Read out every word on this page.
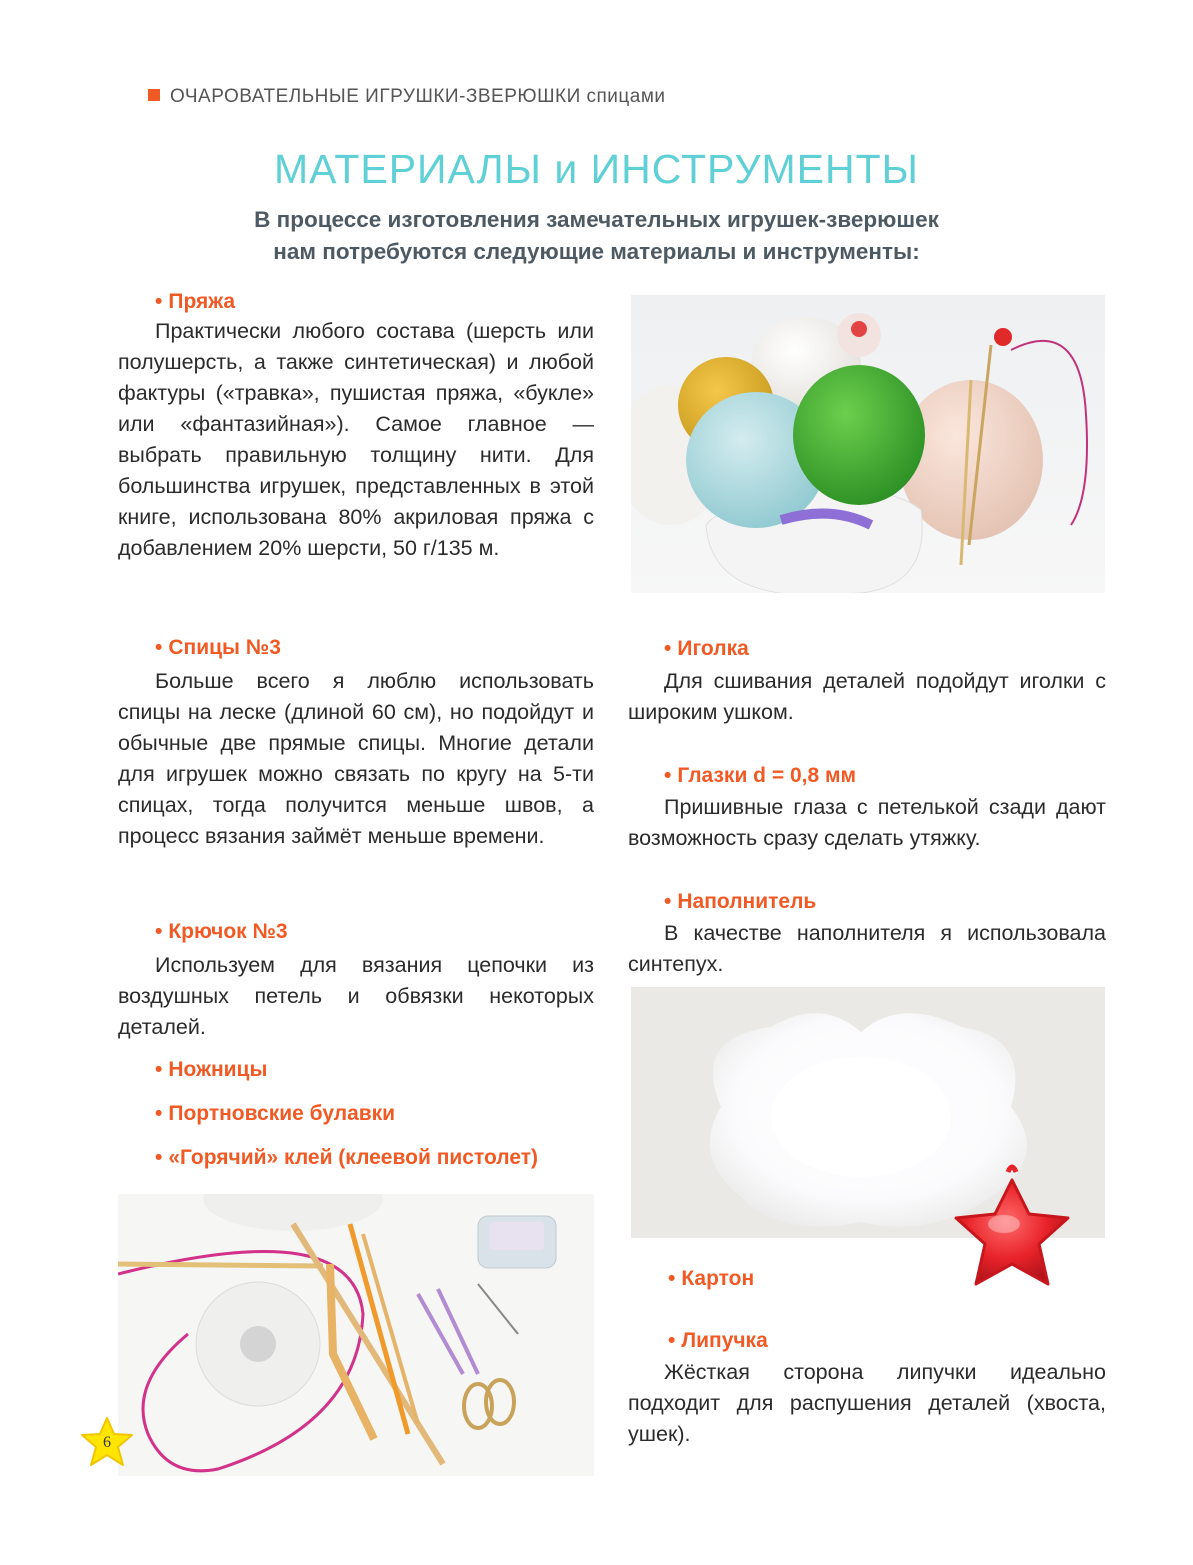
ОЧАРОВАТЕЛЬНЫЕ ИГРУШКИ-ЗВЕРЮШКИ спицами
МАТЕРИАЛЫ и ИНСТРУМЕНТЫ
В процессе изготовления замечательных игрушек-зверюшек
нам потребуются следующие материалы и инструменты:
• Пряжа
Практически любого состава (шерсть или полушерсть, а также синтетическая) и любой фактуры («травка», пушистая пряжа, «букле» или «фантазийная»). Самое главное — выбрать правильную толщину нити. Для большинства игрушек, представленных в этой книге, использована 80% акриловая пряжа с добавлением 20% шерсти, 50 г/135 м.
• Спицы №3
Больше всего я люблю использовать спицы на леске (длиной 60 см), но подойдут и обычные две прямые спицы. Многие детали для игрушек можно связать по кругу на 5-ти спицах, тогда получится меньше швов, а процесс вязания займёт меньше времени.
• Крючок №3
Используем для вязания цепочки из воздушных петель и обвязки некоторых деталей.
• Ножницы
• Портновские булавки
• «Горячий» клей (клеевой пистолет)
• Иголка
Для сшивания деталей подойдут иголки с широким ушком.
• Глазки d = 0,8 мм
Пришивные глаза с петелькой сзади дают возможность сразу сделать утяжку.
• Наполнитель
В качестве наполнителя я использовала синтепух.
• Картон
• Липучка
Жёсткая сторона липучки идеально подходит для распушения деталей (хвоста, ушек).
6
